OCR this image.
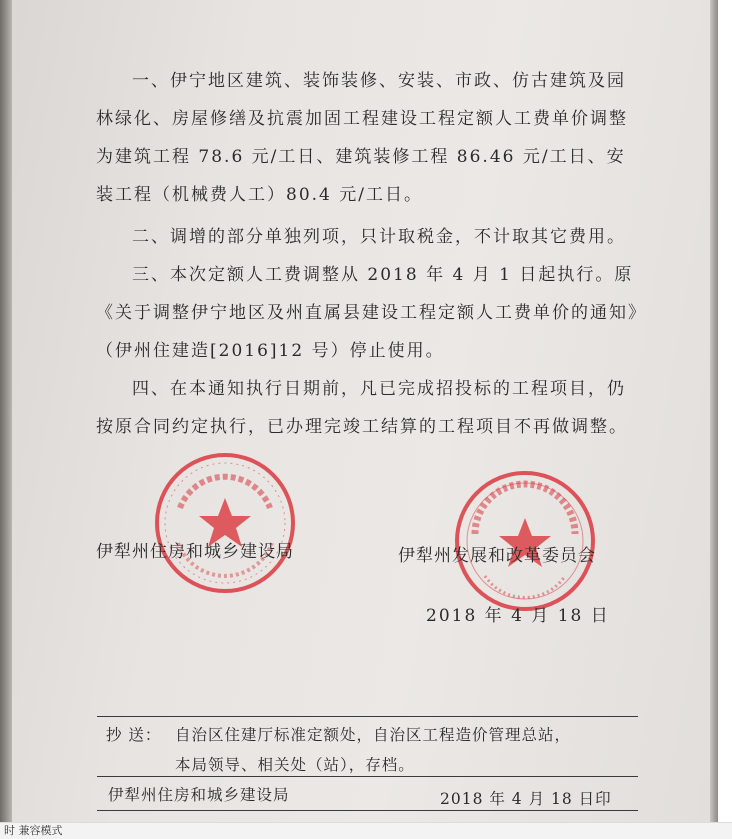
一、伊宁地区建筑、装饰装修、安装、市政、仿古建筑及园林绿化、房屋修缮及抗震加固工程建设工程定额人工费单价调整为建筑工程 78.6 元/工日、建筑装修工程 86.46 元/工日、安装工程（机械费人工）80.4 元/工日。

二、调增的部分单独列项，只计取税金，不计取其它费用。

三、本次定额人工费调整从 2018 年 4 月 1 日起执行。原《关于调整伊宁地区及州直属县建设工程定额人工费单价的通知》（伊州住建造[2016]12 号）停止使用。

四、在本通知执行日期前，凡已完成招投标的工程项目，仍按原合同约定执行，已办理完竣工结算的工程项目不再做调整。

伊犁州住房和城乡建设局	伊犁州发展和改革委员会
2018 年 4 月 18 日
抄 送： 自治区住建厅标准定额处，自治区工程造价管理总站，
本局领导、相关处（站），存档。
伊犁州住房和城乡建设局	2018 年 4 月 18 日印
时 兼容模式
